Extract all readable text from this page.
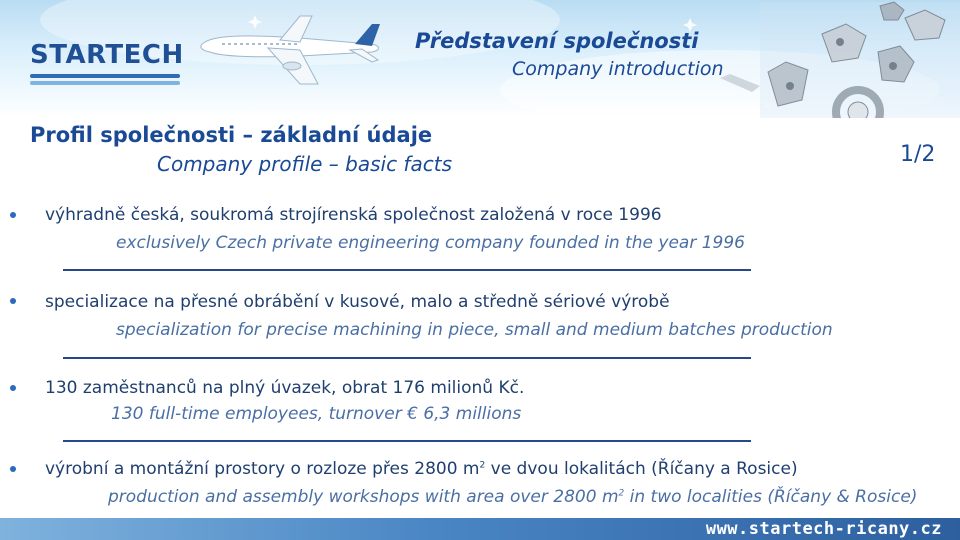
STARTECH	Představení společnosti
Company introduction
Profil společnosti – základní údaje
Company profile – basic facts	1/2
výhradně česká, soukromá strojírenská společnost založená v roce 1996
exclusively Czech private engineering company founded in the year 1996
specializace na přesné obrábění v kusové, malo a středně sériové výrobě
specialization for precise machining in piece, small and medium batches production
130 zaměstnanců na plný úvazek, obrat 176 milionů Kč.
130 full-time employees, turnover € 6,3 millions
výrobní a montážní prostory o rozloze přes 2800 $m^2$ ve dvou lokalitách (Říčany a Rosice)
production and assembly workshops with area over 2800 $m^2$ in two localities (Říčany & Rosice)
www.startech-ricany.cz
